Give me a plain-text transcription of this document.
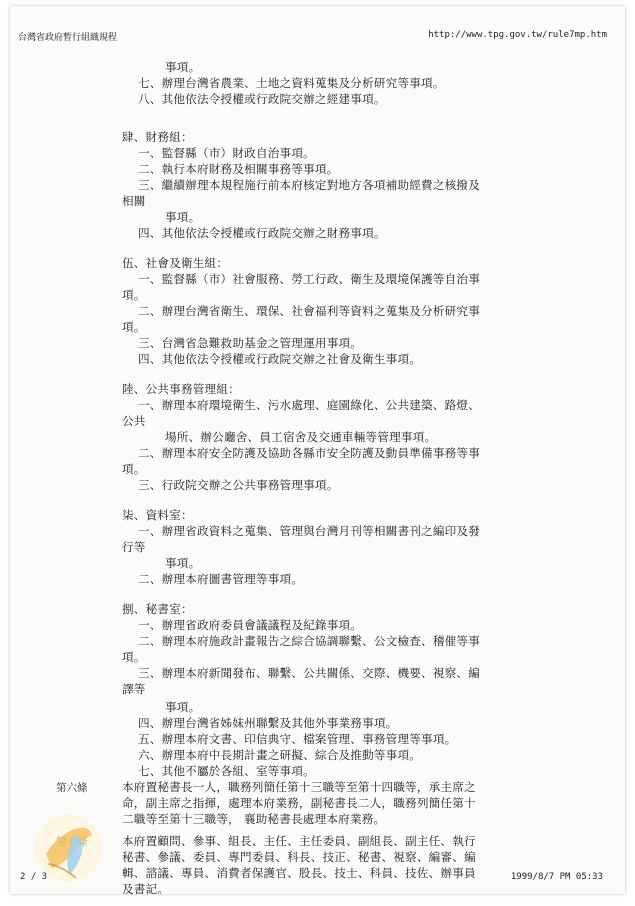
台灣省政府暫行組織規程	http://www.tpg.gov.tw/rule7mp.htm
事項。
七、辦理台灣省農業、土地之資料蒐集及分析研究等事項。
八、其他依法令授權或行政院交辦之經建事項。
肆、財務組：
一、監督縣（市）財政自治事項。
二、執行本府財務及相關事務等事項。
三、繼續辦理本規程施行前本府核定對地方各項補助經費之核撥及
相關
事項。
四、其他依法令授權或行政院交辦之財務事項。
伍、社會及衛生組：
一、監督縣（市）社會服務、勞工行政、衛生及環境保護等自治事
項。
二、辦理台灣省衛生、環保、社會福利等資料之蒐集及分析研究事
項。
三、台灣省急難救助基金之管理運用事項。
四、其他依法令授權或行政院交辦之社會及衛生事項。
陸、公共事務管理組：
一、辦理本府環境衛生、污水處理、庭園綠化、公共建築、路燈、
公共
場所、辦公廳舍、員工宿舍及交通車輛等管理事項。
二、辦理本府安全防護及協助各縣市安全防護及動員準備事務等事
項。
三、行政院交辦之公共事務管理事項。
柒、資料室：
一、辦理省政資料之蒐集、管理與台灣月刊等相關書刊之編印及發
行等
事項。
二、辦理本府圖書管理等事項。
捌、秘書室：
一、辦理省政府委員會議議程及紀錄事項。
二、辦理本府施政計畫報告之綜合協調聯繫、公文檢查、稽催等事
項。
三、辦理本府新聞發布、聯繫、公共關係、交際、機要、視察、編
譯等
事項。
四、辦理台灣省姊妹州聯繫及其他外事業務事項。
五、辦理本府文書、印信典守、檔案管理、事務管理等事項。
六、辦理本府中長期計畫之研擬、綜合及推動等事項。
七、其他不屬於各組、室等事項。
本府置秘書長一人，職務列簡任第十三職等至第十四職等，承主席之
命，副主席之指揮，處理本府業務，副秘書長二人，職務列簡任第十
二職等至第十三職等， 襄助秘書長處理本府業務。
本府置顧問、參事、組長、主任、主任委員、副組長、副主任、執行
秘書、參議、委員、專門委員、科長、技正、秘書、視察、編審、編
輯、諮議、專員、消費者保護官、股長、技士、科員、技佐、辦事員
及書記。
第六條
2 / 3	1999/8/7 PM 05:33
